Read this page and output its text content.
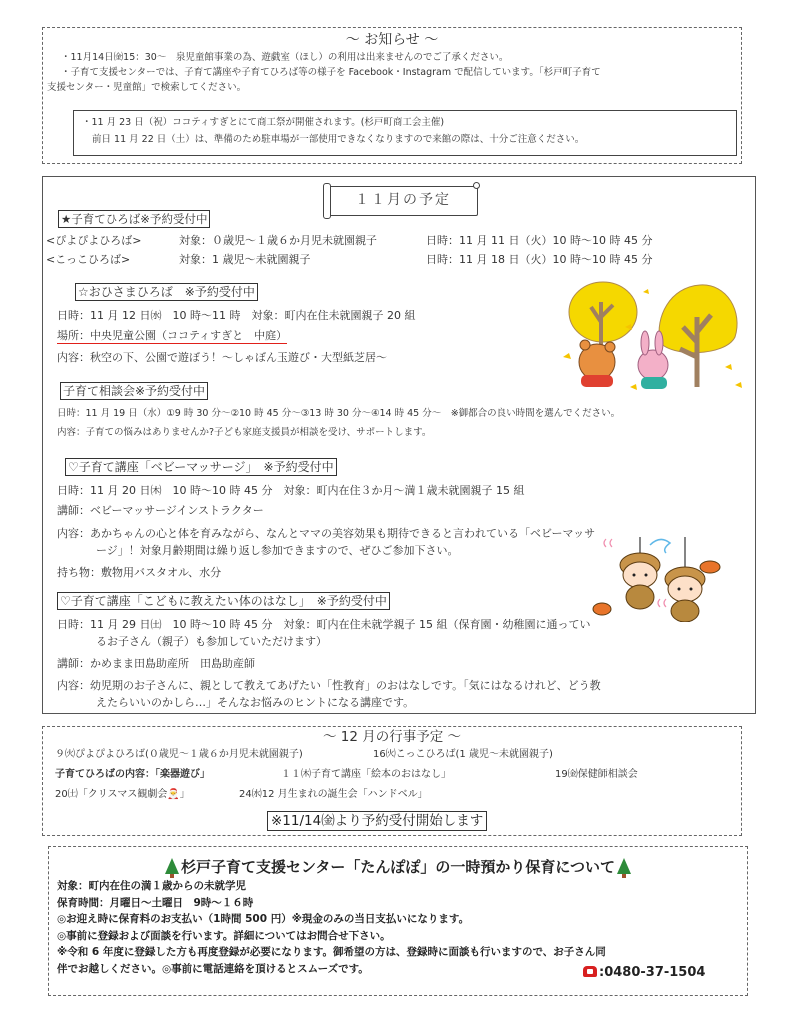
～ お知らせ ～
・11月14日㈮15：30～　泉児童館事業の為、遊戯室（ほし）の利用は出来ませんのでご了承ください。
・子育て支援センターでは、子育て講座や子育てひろば等の様子を Facebook・Instagram で配信しています。「杉戸町子育て
支援センター・児童館」で検索してください。
・11 月 23 日（祝）ココティすぎとにて商工祭が開催されます。(杉戸町商工会主催)
前日 11 月 22 日（土）は、準備のため駐車場が一部使用できなくなりますので来館の際は、十分ご注意ください。
１１月の予定
★子育てひろば※予約受付中
<ぴよぴよひろば>	対象：０歳児～１歳６か月児未就園親子	日時：11 月 11 日（火）10 時～10 時 45 分
<こっこひろば>	対象：1 歳児～未就園親子	日時：11 月 18 日（火）10 時～10 時 45 分
☆おひさまひろば　※予約受付中
日時：11 月 12 日㈬　10 時～11 時　対象：町内在住未就園親子 20 組
場所：中央児童公園（ココティすぎと　中庭）
内容：秋空の下、公園で遊ぼう！～しゃぼん玉遊び・大型紙芝居～
子育て相談会※予約受付中
日時：11 月 19 日（水）①9 時 30 分～②10 時 45 分～③13 時 30 分～④14 時 45 分～　※御都合の良い時間を選んでください。
内容：子育ての悩みはありませんか?子ども家庭支援員が相談を受け、サポートします。
♡子育て講座「ベビーマッサージ」　※予約受付中
日時：11 月 20 日㈭　10 時～10 時 45 分　対象：町内在住３か月～満１歳未就園親子 15 組
講師：ベビーマッサージインストラクター
内容：あかちゃんの心と体を育みながら、なんとママの美容効果も期待できると言われている「ベビーマッサ
ージ」！対象月齢期間は繰り返し参加できますので、ぜひご参加下さい。
持ち物：敷物用バスタオル、水分
♡子育て講座「こどもに教えたい体のはなし」　※予約受付中
日時：11 月 29 日㈯　10 時～10 時 45 分　対象：町内在住未就学親子 15 組（保育園・幼稚園に通ってい
るお子さん（親子）も参加していただけます）
講師：かめまま田島助産所　田島助産師
内容：幼児期のお子さんに、親として教えてあげたい「性教育」のおはなしです。「気にはなるけれど、どう教
えたらいいのかしら…」そんなお悩みのヒントになる講座です。
～ 12 月の行事予定 ～
９㈫ぴよぴよひろば(０歳児～１歳６か月児未就園親子)	16㈫こっこひろば(1 歳児～未就園親子)
子育てひろばの内容：「楽器遊び」	１１㈭子育て講座「絵本のおはなし」	19㈮保健師相談会
20㈯「クリスマス観劇会🎅」	24㈬12 月生まれの誕生会「ハンドベル」
※11/14㈮より予約受付開始します
杉戸子育て支援センター「たんぽぽ」の一時預かり保育について
対象：町内在住の満１歳からの未就学児
保育時間：月曜日～土曜日　9時～１６時
◎お迎え時に保育料のお支払い（1時間 500 円）※現金のみの当日支払いになります。
◎事前に登録および面談を行います。詳細についてはお問合せ下さい。
※令和 6 年度に登録した方も再度登録が必要になります。御希望の方は、登録時に面談も行いますので、お子さん同
伴でお越しください。◎事前に電話連絡を頂けるとスムーズです。	:0480-37-1504
